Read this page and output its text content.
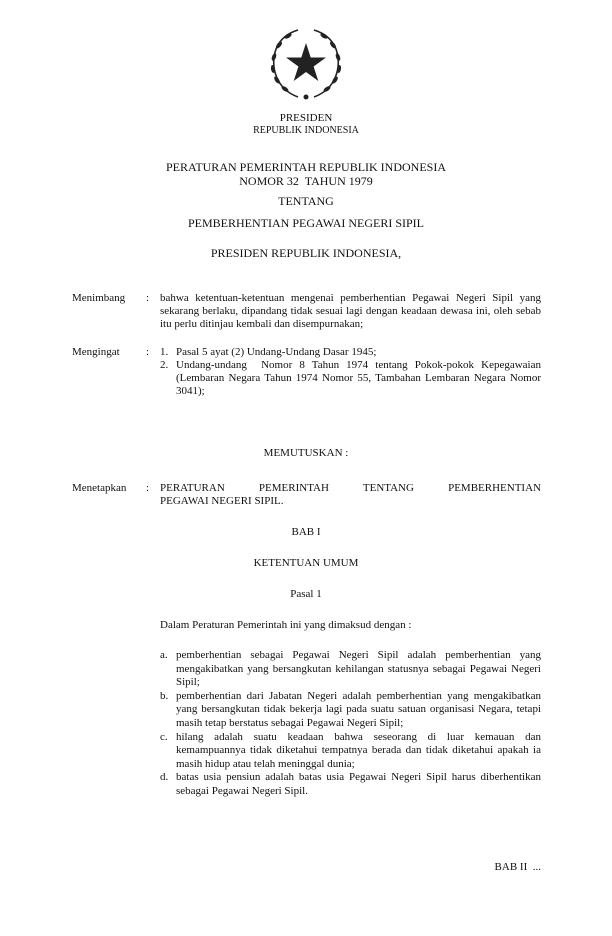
PRESIDEN
REPUBLIK INDONESIA
PERATURAN PEMERINTAH REPUBLIK INDONESIA
NOMOR 32  TAHUN 1979
TENTANG
PEMBERHENTIAN PEGAWAI NEGERI SIPIL
PRESIDEN REPUBLIK INDONESIA,
Menimbang	: bahwa ketentuan-ketentuan mengenai pemberhentian Pegawai Negeri Sipil yang sekarang berlaku, dipandang tidak sesuai lagi dengan keadaan dewasa ini, oleh sebab itu perlu ditinjau kembali dan disempurnakan;
Mengingat	: 1. Pasal 5 ayat (2) Undang-Undang Dasar 1945;
2. Undang-undang  Nomor 8 Tahun 1974 tentang Pokok-pokok Kepegawaian (Lembaran Negara Tahun 1974 Nomor 55, Tambahan Lembaran Negara Nomor 3041);
MEMUTUSKAN :
Menetapkan	: PERATURAN PEMERINTAH TENTANG PEMBERHENTIAN
PEGAWAI NEGERI SIPIL.
BAB I
KETENTUAN UMUM
Pasal 1
Dalam Peraturan Pemerintah ini yang dimaksud dengan :
a. pemberhentian sebagai Pegawai Negeri Sipil adalah pemberhentian yang mengakibatkan yang bersangkutan kehilangan statusnya sebagai Pegawai Negeri Sipil;
b. pemberhentian dari Jabatan Negeri adalah pemberhentian yang mengakibatkan yang bersangkutan tidak bekerja lagi pada suatu satuan organisasi Negara, tetapi masih tetap berstatus sebagai Pegawai Negeri Sipil;
c. hilang adalah suatu keadaan bahwa seseorang di luar kemauan dan kemampuannya tidak diketahui tempatnya berada dan tidak diketahui apakah ia masih hidup atau telah meninggal dunia;
d. batas usia pensiun adalah batas usia Pegawai Negeri Sipil harus diberhentikan sebagai Pegawai Negeri Sipil.
BAB II  ...
